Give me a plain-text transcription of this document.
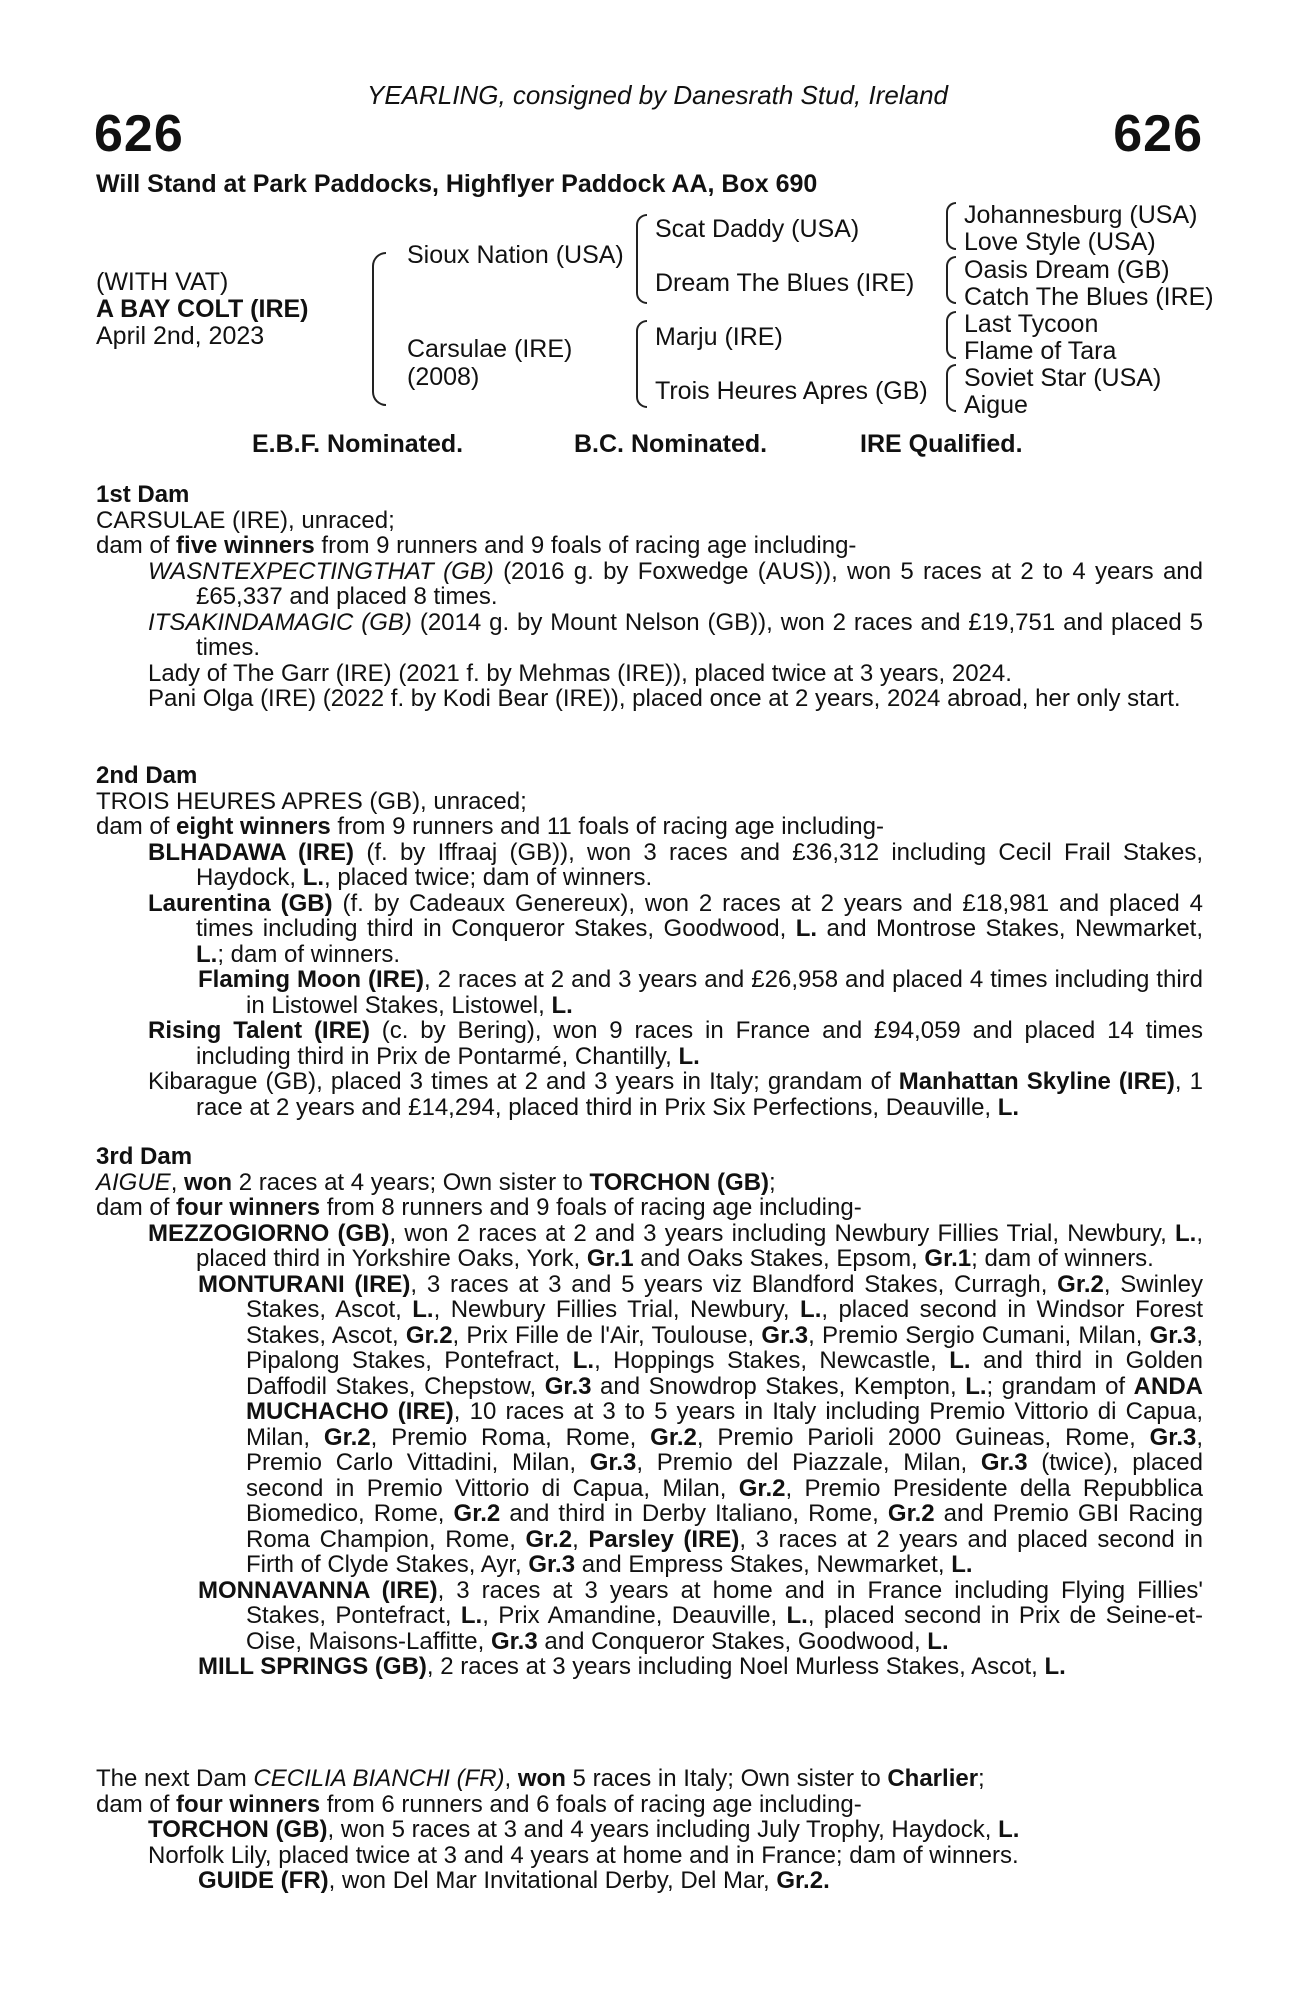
YEARLING, consigned by Danesrath Stud, Ireland
626	626
Will Stand at Park Paddocks, Highflyer Paddock AA, Box 690
(WITH VAT)
A BAY COLT (IRE)
April 2nd, 2023
Sioux Nation (USA)
Carsulae (IRE)
(2008)
Scat Daddy (USA)
Dream The Blues (IRE)
Marju (IRE)
Trois Heures Apres (GB)
Johannesburg (USA)
Love Style (USA)
Oasis Dream (GB)
Catch The Blues (IRE)
Last Tycoon
Flame of Tara
Soviet Star (USA)
Aigue
E.B.F. Nominated.	B.C. Nominated.	IRE Qualified.

1st Dam

CARSULAE (IRE), unraced;

dam of five winners from 9 runners and 9 foals of racing age including-

WASNTEXPECTINGTHAT (GB) (2016 g. by Foxwedge (AUS)), won 5 races at 2 to 4 years and £65,337 and placed 8 times.

ITSAKINDAMAGIC (GB) (2014 g. by Mount Nelson (GB)), won 2 races and £19,751 and placed 5 times.

Lady of The Garr (IRE) (2021 f. by Mehmas (IRE)), placed twice at 3 years, 2024.

Pani Olga (IRE) (2022 f. by Kodi Bear (IRE)), placed once at 2 years, 2024 abroad, her only start.

2nd Dam

TROIS HEURES APRES (GB), unraced;

dam of eight winners from 9 runners and 11 foals of racing age including-

BLHADAWA (IRE) (f. by Iffraaj (GB)), won 3 races and £36,312 including Cecil Frail Stakes, Haydock, L., placed twice; dam of winners.

Laurentina (GB) (f. by Cadeaux Genereux), won 2 races at 2 years and £18,981 and placed 4 times including third in Conqueror Stakes, Goodwood, L. and Montrose Stakes, Newmarket, L.; dam of winners.

Flaming Moon (IRE), 2 races at 2 and 3 years and £26,958 and placed 4 times including third in Listowel Stakes, Listowel, L.

Rising Talent (IRE) (c. by Bering), won 9 races in France and £94,059 and placed 14 times including third in Prix de Pontarmé, Chantilly, L.

Kibarague (GB), placed 3 times at 2 and 3 years in Italy; grandam of Manhattan Skyline (IRE), 1 race at 2 years and £14,294, placed third in Prix Six Perfections, Deauville, L.

3rd Dam

AIGUE, won 2 races at 4 years; Own sister to TORCHON (GB);

dam of four winners from 8 runners and 9 foals of racing age including-

MEZZOGIORNO (GB), won 2 races at 2 and 3 years including Newbury Fillies Trial, Newbury, L., placed third in Yorkshire Oaks, York, Gr.1 and Oaks Stakes, Epsom, Gr.1; dam of winners.

MONTURANI (IRE), 3 races at 3 and 5 years viz Blandford Stakes, Curragh, Gr.2, Swinley Stakes, Ascot, L., Newbury Fillies Trial, Newbury, L., placed second in Windsor Forest Stakes, Ascot, Gr.2, Prix Fille de l'Air, Toulouse, Gr.3, Premio Sergio Cumani, Milan, Gr.3, Pipalong Stakes, Pontefract, L., Hoppings Stakes, Newcastle, L. and third in Golden Daffodil Stakes, Chepstow, Gr.3 and Snowdrop Stakes, Kempton, L.; grandam of ANDA MUCHACHO (IRE), 10 races at 3 to 5 years in Italy including Premio Vittorio di Capua, Milan, Gr.2, Premio Roma, Rome, Gr.2, Premio Parioli 2000 Guineas, Rome, Gr.3, Premio Carlo Vittadini, Milan, Gr.3, Premio del Piazzale, Milan, Gr.3 (twice), placed second in Premio Vittorio di Capua, Milan, Gr.2, Premio Presidente della Repubblica Biomedico, Rome, Gr.2 and third in Derby Italiano, Rome, Gr.2 and Premio GBI Racing Roma Champion, Rome, Gr.2, Parsley (IRE), 3 races at 2 years and placed second in Firth of Clyde Stakes, Ayr, Gr.3 and Empress Stakes, Newmarket, L.

MONNAVANNA (IRE), 3 races at 3 years at home and in France including Flying Fillies' Stakes, Pontefract, L., Prix Amandine, Deauville, L., placed second in Prix de Seine-et-Oise, Maisons-Laffitte, Gr.3 and Conqueror Stakes, Goodwood, L.

MILL SPRINGS (GB), 2 races at 3 years including Noel Murless Stakes, Ascot, L.

The next Dam CECILIA BIANCHI (FR), won 5 races in Italy; Own sister to Charlier;

dam of four winners from 6 runners and 6 foals of racing age including-

TORCHON (GB), won 5 races at 3 and 4 years including July Trophy, Haydock, L.

Norfolk Lily, placed twice at 3 and 4 years at home and in France; dam of winners.

GUIDE (FR), won Del Mar Invitational Derby, Del Mar, Gr.2.
